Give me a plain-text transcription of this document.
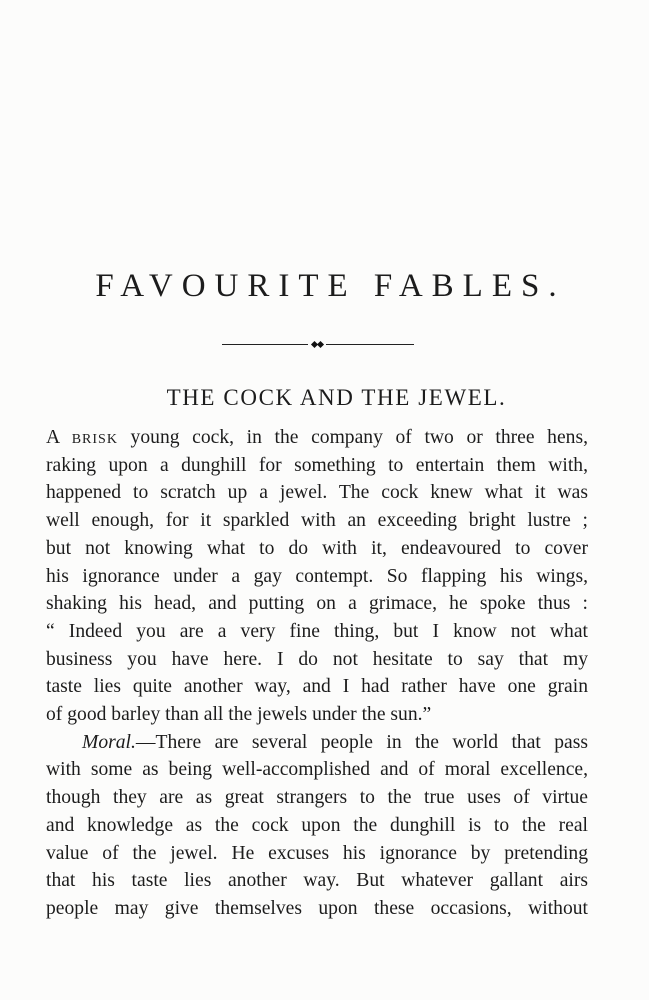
FAVOURITE FABLES.
THE COCK AND THE JEWEL.
A brisk young cock, in the company of two or three hens,
raking upon a dunghill for something to entertain them with,
happened to scratch up a jewel. The cock knew what it was
well enough, for it sparkled with an exceeding bright lustre ;
but not knowing what to do with it, endeavoured to cover
his ignorance under a gay contempt. So flapping his wings,
shaking his head, and putting on a grimace, he spoke thus :
“ Indeed you are a very fine thing, but I know not what
business you have here. I do not hesitate to say that my
taste lies quite another way, and I had rather have one grain
of good barley than all the jewels under the sun.”
Moral.—There are several people in the world that pass
with some as being well-accomplished and of moral excellence,
though they are as great strangers to the true uses of virtue
and knowledge as the cock upon the dunghill is to the real
value of the jewel. He excuses his ignorance by pretending
that his taste lies another way. But whatever gallant airs
people may give themselves upon these occasions, without
